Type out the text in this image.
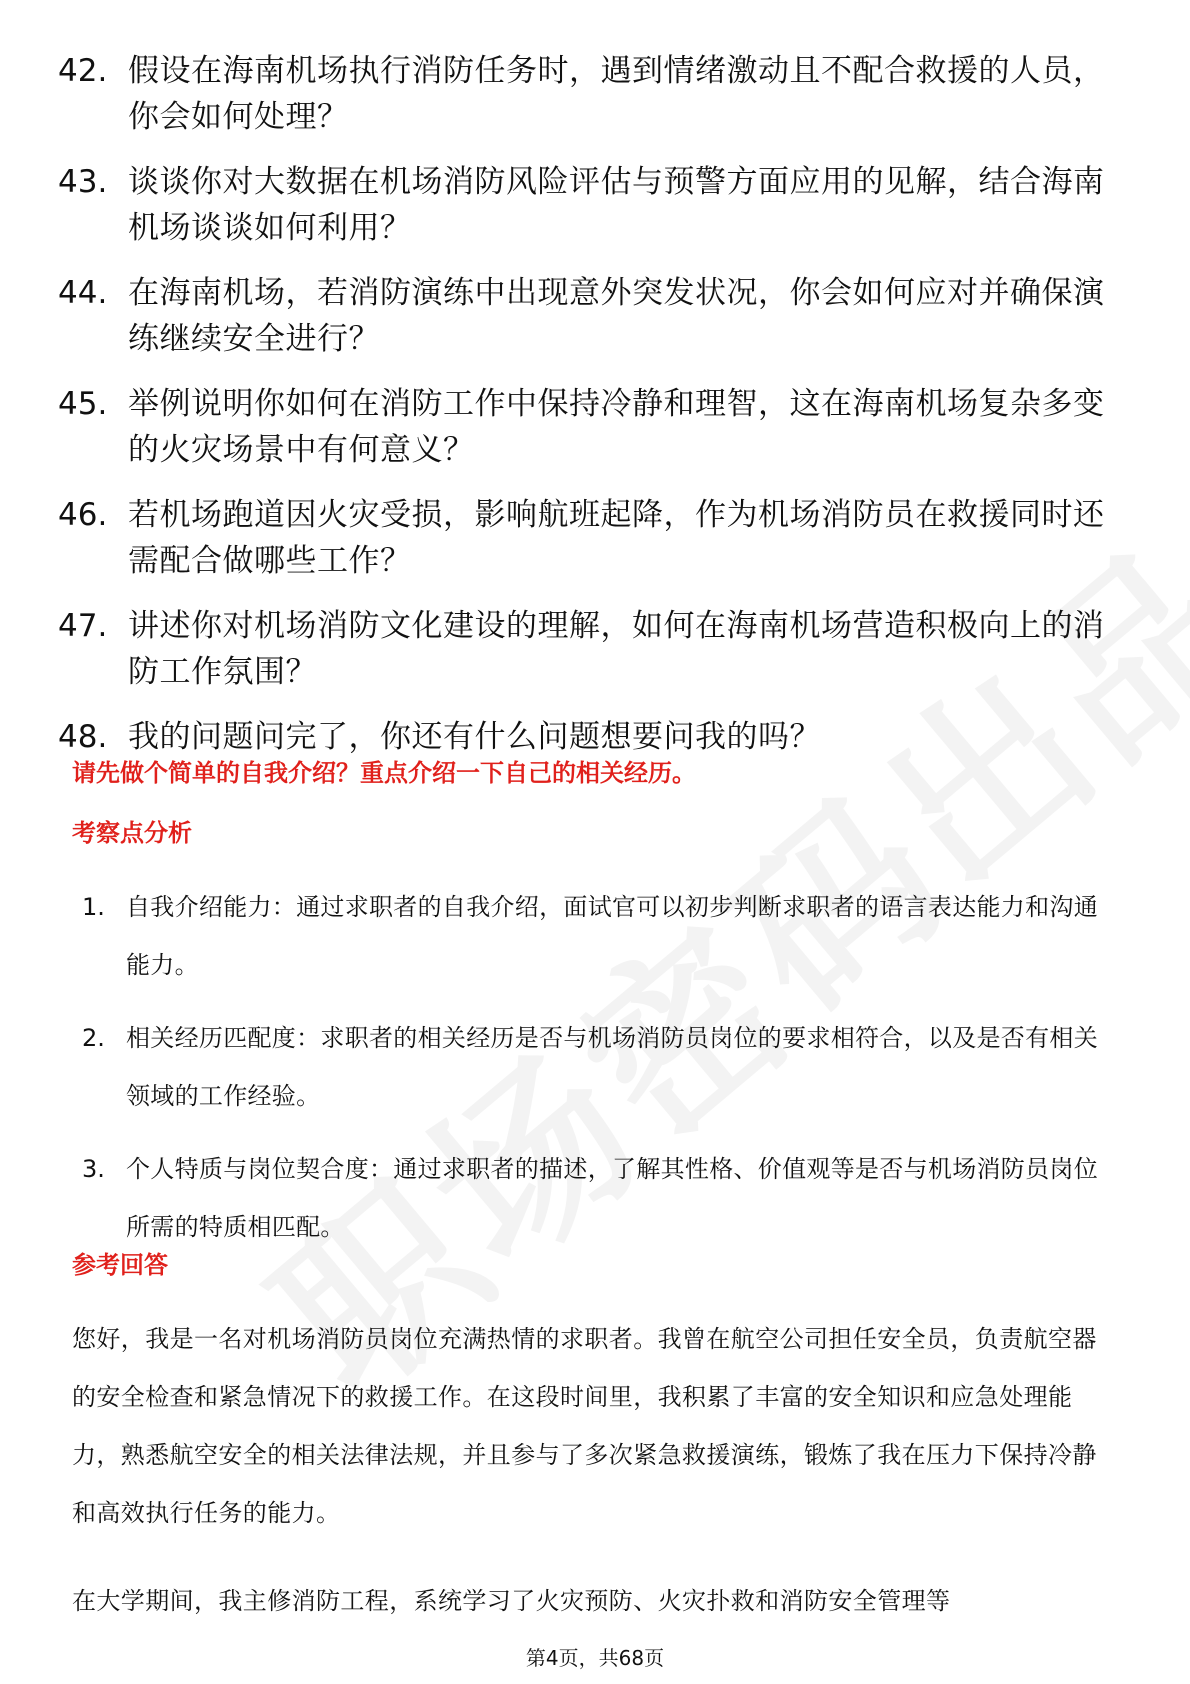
42. 假设在海南机场执行消防任务时，遇到情绪激动且不配合救援的人员，你会如何处理？
43. 谈谈你对大数据在机场消防风险评估与预警方面应用的见解，结合海南机场谈谈如何利用？
44. 在海南机场，若消防演练中出现意外突发状况，你会如何应对并确保演练继续安全进行？
45. 举例说明你如何在消防工作中保持冷静和理智，这在海南机场复杂多变的火灾场景中有何意义？
46. 若机场跑道因火灾受损，影响航班起降，作为机场消防员在救援同时还需配合做哪些工作？
47. 讲述你对机场消防文化建设的理解，如何在海南机场营造积极向上的消防工作氛围？
48. 我的问题问完了，你还有什么问题想要问我的吗？
请先做个简单的自我介绍？重点介绍一下自己的相关经历。
考察点分析
1. 自我介绍能力：通过求职者的自我介绍，面试官可以初步判断求职者的语言表达能力和沟通能力。
2. 相关经历匹配度：求职者的相关经历是否与机场消防员岗位的要求相符合，以及是否有相关领域的工作经验。
3. 个人特质与岗位契合度：通过求职者的描述，了解其性格、价值观等是否与机场消防员岗位所需的特质相匹配。
参考回答
您好，我是一名对机场消防员岗位充满热情的求职者。我曾在航空公司担任安全员，负责航空器的安全检查和紧急情况下的救援工作。在这段时间里，我积累了丰富的安全知识和应急处理能力，熟悉航空安全的相关法律法规，并且参与了多次紧急救援演练，锻炼了我在压力下保持冷静和高效执行任务的能力。
在大学期间，我主修消防工程，系统学习了火灾预防、火灾扑救和消防安全管理等
第4页，共68页
